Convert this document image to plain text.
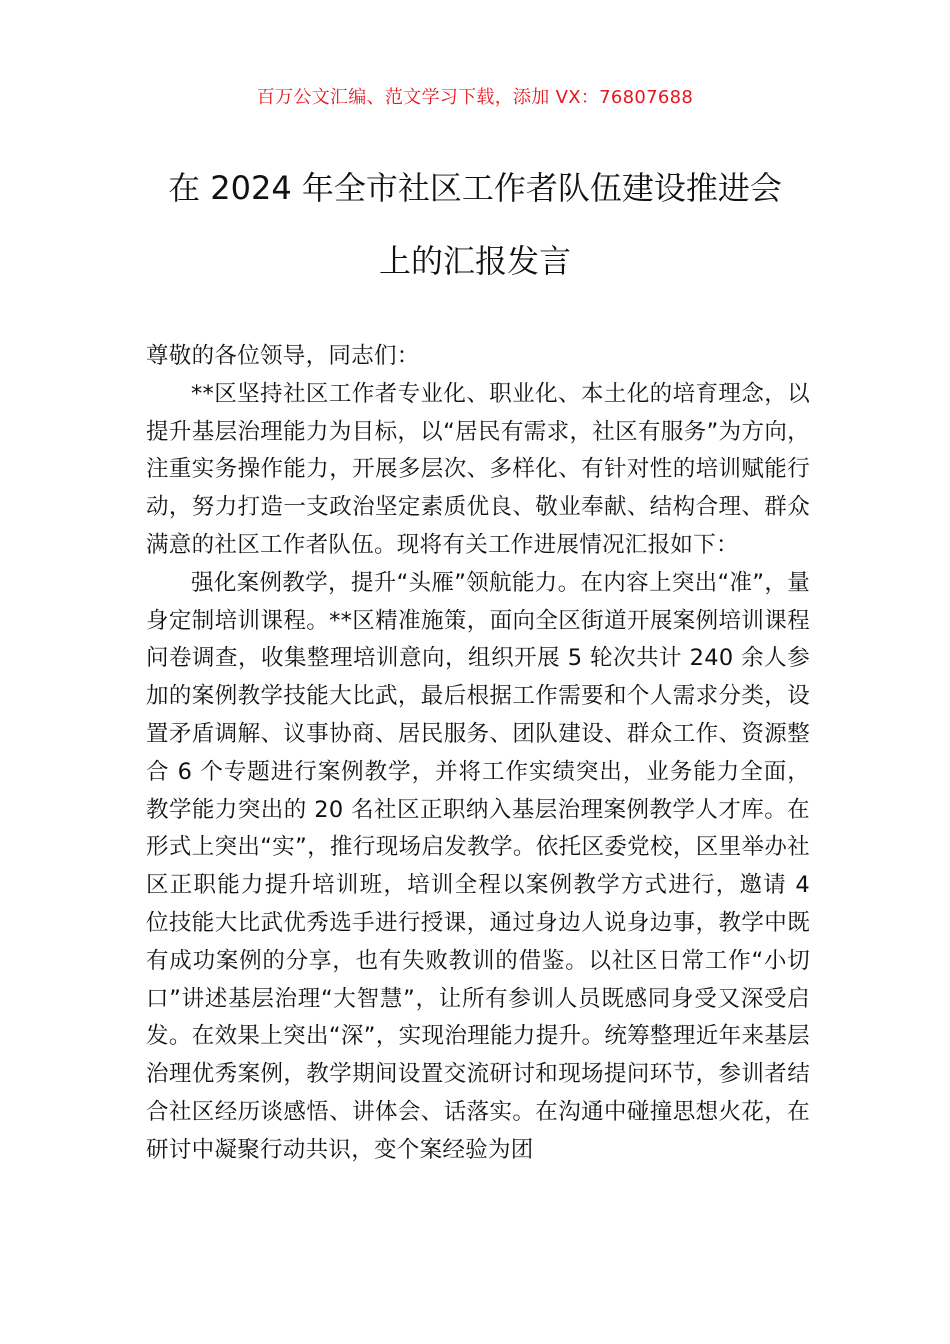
百万公文汇编、范文学习下载，添加 VX：76807688
在 2024 年全市社区工作者队伍建设推进会
上的汇报发言

尊敬的各位领导，同志们：

**区坚持社区工作者专业化、职业化、本土化的培育理念，以提升基层治理能力为目标，以“居民有需求，社区有服务”为方向，注重实务操作能力，开展多层次、多样化、有针对性的培训赋能行动，努力打造一支政治坚定素质优良、敬业奉献、结构合理、群众满意的社区工作者队伍。现将有关工作进展情况汇报如下：

强化案例教学，提升“头雁”领航能力。在内容上突出“准”，量身定制培训课程。**区精准施策，面向全区街道开展案例培训课程问卷调查，收集整理培训意向，组织开展 5 轮次共计 240 余人参加的案例教学技能大比武，最后根据工作需要和个人需求分类，设置矛盾调解、议事协商、居民服务、团队建设、群众工作、资源整合 6 个专题进行案例教学，并将工作实绩突出，业务能力全面，教学能力突出的 20 名社区正职纳入基层治理案例教学人才库。在形式上突出“实”，推行现场启发教学。依托区委党校，区里举办社区正职能力提升培训班，培训全程以案例教学方式进行，邀请 4 位技能大比武优秀选手进行授课，通过身边人说身边事，教学中既有成功案例的分享，也有失败教训的借鉴。以社区日常工作“小切口”讲述基层治理“大智慧”，让所有参训人员既感同身受又深受启发。在效果上突出“深”，实现治理能力提升。统筹整理近年来基层治理优秀案例，教学期间设置交流研讨和现场提问环节，参训者结合社区经历谈感悟、讲体会、话落实。在沟通中碰撞思想火花，在研讨中凝聚行动共识，变个案经验为团
